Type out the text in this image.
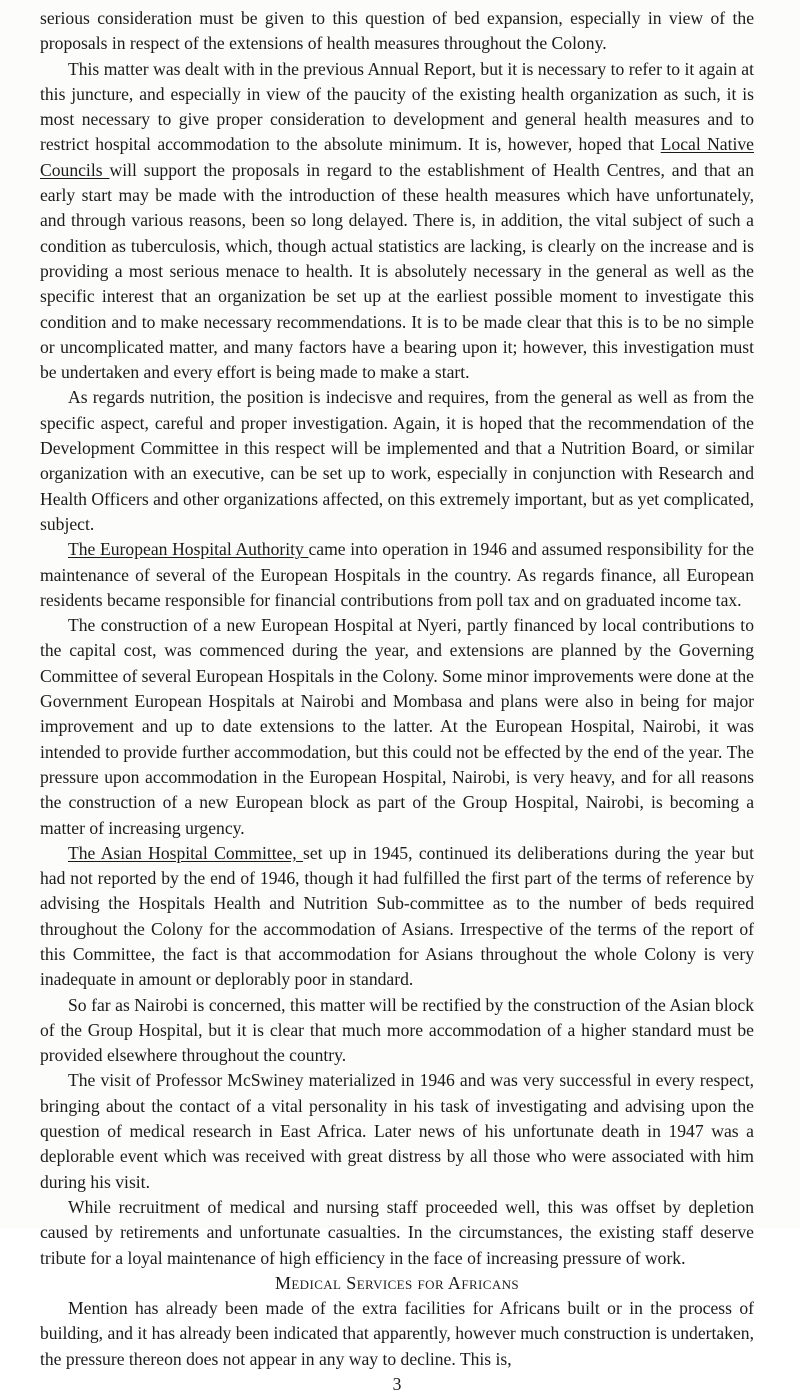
serious consideration must be given to this question of bed expansion, especially in view of the proposals in respect of the extensions of health measures throughout the Colony.

This matter was dealt with in the previous Annual Report, but it is necessary to refer to it again at this juncture, and especially in view of the paucity of the existing health organization as such, it is most necessary to give proper consideration to development and general health measures and to restrict hospital accommodation to the absolute minimum. It is, however, hoped that Local Native Councils will support the proposals in regard to the establishment of Health Centres, and that an early start may be made with the introduction of these health measures which have unfortunately, and through various reasons, been so long delayed. There is, in addition, the vital subject of such a condition as tuberculosis, which, though actual statistics are lacking, is clearly on the increase and is providing a most serious menace to health. It is absolutely necessary in the general as well as the specific interest that an organization be set up at the earliest possible moment to investigate this condition and to make necessary recommendations. It is to be made clear that this is to be no simple or uncomplicated matter, and many factors have a bearing upon it; however, this investigation must be undertaken and every effort is being made to make a start.

As regards nutrition, the position is indecisve and requires, from the general as well as from the specific aspect, careful and proper investigation. Again, it is hoped that the recommendation of the Development Committee in this respect will be implemented and that a Nutrition Board, or similar organization with an executive, can be set up to work, especially in conjunction with Research and Health Officers and other organizations affected, on this extremely important, but as yet complicated, subject.

The European Hospital Authority came into operation in 1946 and assumed responsibility for the maintenance of several of the European Hospitals in the country. As regards finance, all European residents became responsible for financial contributions from poll tax and on graduated income tax.

The construction of a new European Hospital at Nyeri, partly financed by local contributions to the capital cost, was commenced during the year, and extensions are planned by the Governing Committee of several European Hospitals in the Colony. Some minor improvements were done at the Government European Hospitals at Nairobi and Mombasa and plans were also in being for major improvement and up to date extensions to the latter. At the European Hospital, Nairobi, it was intended to provide further accommodation, but this could not be effected by the end of the year. The pressure upon accommodation in the European Hospital, Nairobi, is very heavy, and for all reasons the construction of a new European block as part of the Group Hospital, Nairobi, is becoming a matter of increasing urgency.

The Asian Hospital Committee, set up in 1945, continued its deliberations during the year but had not reported by the end of 1946, though it had fulfilled the first part of the terms of reference by advising the Hospitals Health and Nutrition Sub-committee as to the number of beds required throughout the Colony for the accommodation of Asians. Irrespective of the terms of the report of this Committee, the fact is that accommodation for Asians throughout the whole Colony is very inadequate in amount or deplorably poor in standard.

So far as Nairobi is concerned, this matter will be rectified by the construction of the Asian block of the Group Hospital, but it is clear that much more accommodation of a higher standard must be provided elsewhere throughout the country.

The visit of Professor McSwiney materialized in 1946 and was very successful in every respect, bringing about the contact of a vital personality in his task of investigating and advising upon the question of medical research in East Africa. Later news of his unfortunate death in 1947 was a deplorable event which was received with great distress by all those who were associated with him during his visit.

While recruitment of medical and nursing staff proceeded well, this was offset by depletion caused by retirements and unfortunate casualties. In the circumstances, the existing staff deserve tribute for a loyal maintenance of high efficiency in the face of increasing pressure of work.

Medical Services for Africans

Mention has already been made of the extra facilities for Africans built or in the process of building, and it has already been indicated that apparently, however much construction is undertaken, the pressure thereon does not appear in any way to decline. This is,

3
